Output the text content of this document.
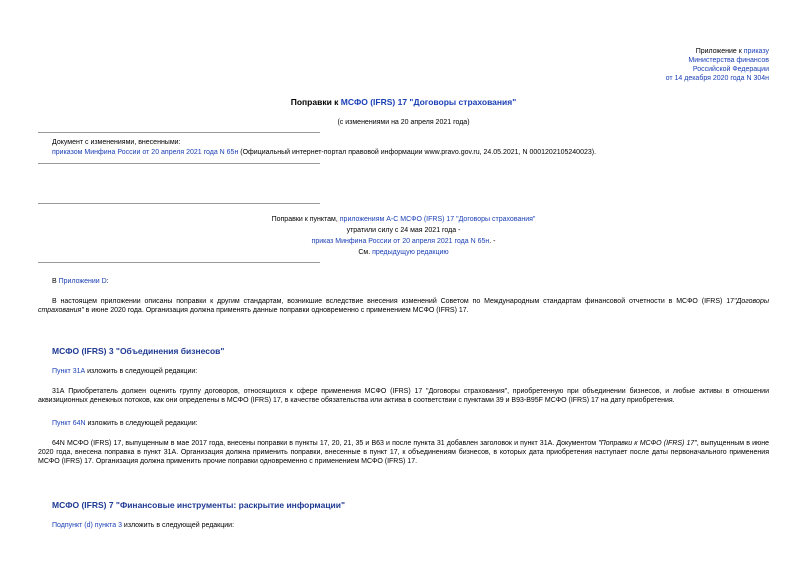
Приложение к приказу
Министерства финансов
Российской Федерации
от 14 декабря 2020 года N 304н
Поправки к МСФО (IFRS) 17 "Договоры страхования"
(с изменениями на 20 апреля 2021 года)
Документ с изменениями, внесенными:
приказом Минфина России от 20 апреля 2021 года N 65н (Официальный интернет-портал правовой информации www.pravo.gov.ru, 24.05.2021, N 0001202105240023).
Поправки к пунктам, приложениям A-C МСФО (IFRS) 17 "Договоры страхования"
утратили силу с 24 мая 2021 года -
приказ Минфина России от 20 апреля 2021 года N 65н. -
См. предыдущую редакцию
В Приложении D:
В настоящем приложении описаны поправки к другим стандартам, возникшие вследствие внесения изменений Советом по Международным стандартам финансовой отчетности в МСФО (IFRS) 17"Договоры страхования" в июне 2020 года. Организация должна применять данные поправки одновременно с применением МСФО (IFRS) 17.
МСФО (IFRS) 3 "Объединения бизнесов"
Пункт 31А изложить в следующей редакции:
31А Приобретатель должен оценить группу договоров, относящихся к сфере применения МСФО (IFRS) 17 "Договоры страхования", приобретенную при объединении бизнесов, и любые активы в отношении аквизиционных денежных потоков, как они определены в МСФО (IFRS) 17, в качестве обязательства или актива в соответствии с пунктами 39 и B93-B95F МСФО (IFRS) 17 на дату приобретения.
Пункт 64N изложить в следующей редакции:
64N МСФО (IFRS) 17, выпущенным в мае 2017 года, внесены поправки в пункты 17, 20, 21, 35 и B63 и после пункта 31 добавлен заголовок и пункт 31А. Документом "Поправки к МСФО (IFRS) 17", выпущенным в июне 2020 года, внесена поправка в пункт 31А. Организация должна применить поправки, внесенные в пункт 17, к объединениям бизнесов, в которых дата приобретения наступает после даты первоначального применения МСФО (IFRS) 17. Организация должна применить прочие поправки одновременно с применением МСФО (IFRS) 17.
МСФО (IFRS) 7 "Финансовые инструменты: раскрытие информации"
Подпункт (d) пункта 3 изложить в следующей редакции:
